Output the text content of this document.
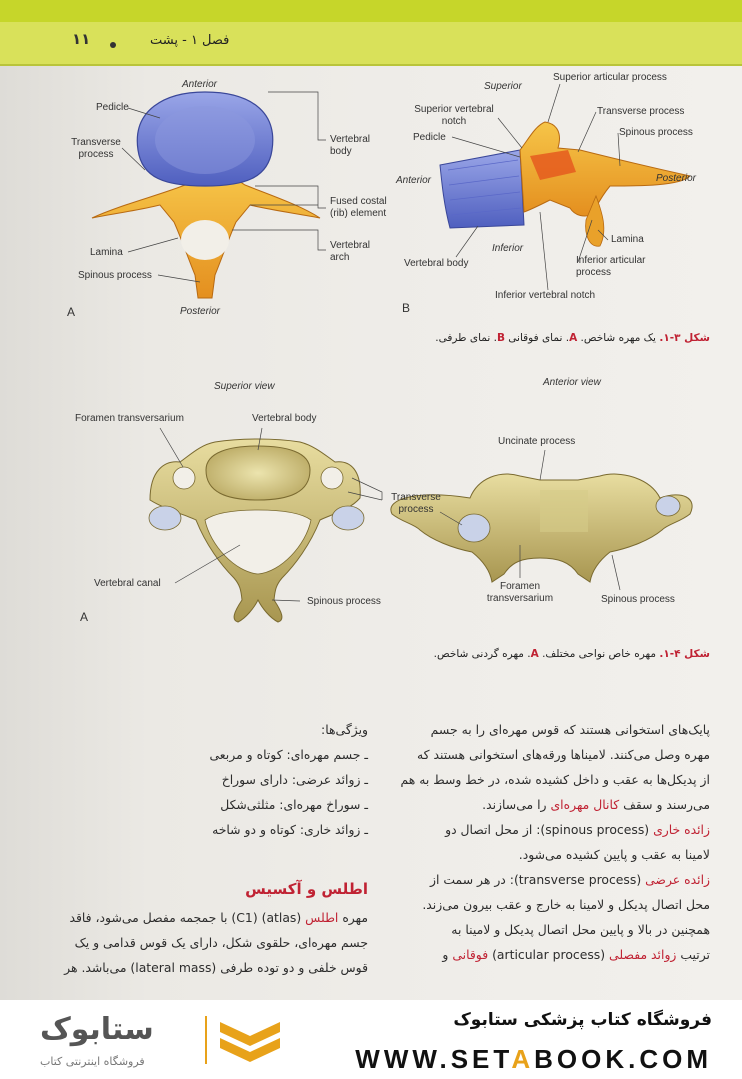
۱۱	فصل ۱ - پشت
Anterior
Pedicle
Transverse process
Lamina
Spinous process
Vertebral body
Fused costal (rib) element
Vertebral arch
Posterior
A
Superior
Superior articular process
Superior vertebral notch
Transverse process
Pedicle	Spinous process
Anterior	Posterior
Lamina
Inferior
Inferior articular process
Vertebral body
Inferior vertebral notch
B
شکل ۳-۱. یک مهره شاخص. A. نمای فوقانی B. نمای طرفی.
Superior view
Foramen transversarium	Vertebral body
Transverse process
Vertebral canal
Spinous process
A
Anterior view
Uncinate process
Foramen transversarium	Spinous process
شکل ۴-۱. مهره خاص نواحی مختلف. A. مهره گردنی شاخص.

پایک‌های استخوانی هستند که قوس مهره‌ای را به جسم

مهره وصل می‌کنند. لامیناها ورقه‌های استخوانی هستند که

از پدیکل‌ها به عقب و داخل کشیده شده، در خط وسط به هم

می‌رسند و سقف کانال مهره‌ای را می‌سازند.

زائده خاری (spinous process): از محل اتصال دو

لامینا به عقب و پایین کشیده می‌شود.

زائده عرضی (transverse process): در هر سمت از

محل اتصال پدیکل و لامینا به خارج و عقب بیرون می‌زند.

همچنین در بالا و پایین محل اتصال پدیکل و لامینا به

ترتیب زوائد مفصلی (articular process) فوقانی و

ویژگی‌ها:

ـ جسم مهره‌ای: کوتاه و مربعی

ـ زوائد عرضی: دارای سوراخ

ـ سوراخ مهره‌ای: مثلثی‌شکل

ـ زوائد خاری: کوتاه و دو شاخه

اطلس و آکسیس

مهره اطلس (atlas) (C1) با جمجمه مفصل می‌شود، فاقد

جسم مهره‌ای، حلقوی شکل، دارای یک قوس قدامی و یک

قوس خلفی و دو توده طرفی (lateral mass) می‌باشد. هر

ستابوک
فروشگاه اینترنتی کتاب
فروشگاه کتاب پزشکی ستابوک
WWW.SETABOOK.COM
